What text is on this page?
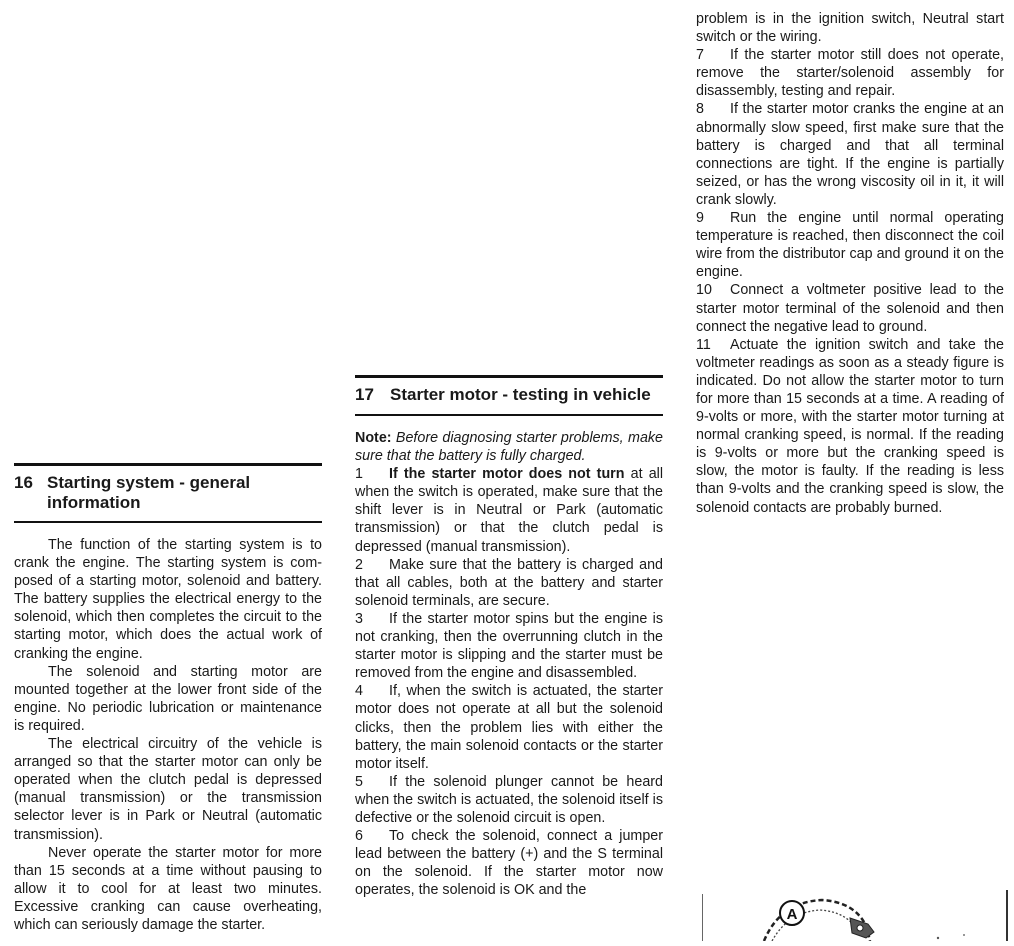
16 Starting system - general
information

The function of the starting system is to crank the engine. The starting system is composed of a starting motor, solenoid and battery. The battery supplies the electrical energy to the solenoid, which then completes the circuit to the starting motor, which does the actual work of cranking the engine.

The solenoid and starting motor are mounted together at the lower front side of the engine. No periodic lubrication or maintenance is required.

The electrical circuitry of the vehicle is arranged so that the starter motor can only be operated when the clutch pedal is depressed (manual transmission) or the transmission selector lever is in Park or Neutral (automatic transmission).

Never operate the starter motor for more than 15 seconds at a time without pausing to allow it to cool for at least two minutes. Excessive cranking can cause overheating, which can seriously damage the starter.

17 Starter motor - testing in vehicle

Note: Before diagnosing starter problems, make sure that the battery is fully charged.

1 If the starter motor does not turn at all when the switch is operated, make sure that the shift lever is in Neutral or Park (automatic transmission) or that the clutch pedal is depressed (manual transmission).

2 Make sure that the battery is charged and that all cables, both at the battery and starter solenoid terminals, are secure.

3 If the starter motor spins but the engine is not cranking, then the overrunning clutch in the starter motor is slipping and the starter must be removed from the engine and disassembled.

4 If, when the switch is actuated, the starter motor does not operate at all but the solenoid clicks, then the problem lies with either the battery, the main solenoid contacts or the starter motor itself.

5 If the solenoid plunger cannot be heard when the switch is actuated, the solenoid itself is defective or the solenoid circuit is open.

6 To check the solenoid, connect a jumper lead between the battery (+) and the S terminal on the solenoid. If the starter motor now operates, the solenoid is OK and the

problem is in the ignition switch, Neutral start switch or the wiring.

7 If the starter motor still does not operate, remove the starter/solenoid assembly for disassembly, testing and repair.

8 If the starter motor cranks the engine at an abnormally slow speed, first make sure that the battery is charged and that all terminal connections are tight. If the engine is partially seized, or has the wrong viscosity oil in it, it will crank slowly.

9 Run the engine until normal operating temperature is reached, then disconnect the coil wire from the distributor cap and ground it on the engine.

10 Connect a voltmeter positive lead to the starter motor terminal of the solenoid and then connect the negative lead to ground.

11 Actuate the ignition switch and take the voltmeter readings as soon as a steady figure is indicated. Do not allow the starter motor to turn for more than 15 seconds at a time. A reading of 9-volts or more, with the starter motor turning at normal cranking speed, is normal. If the reading is 9-volts or more but the cranking speed is slow, the motor is faulty. If the reading is less than 9-volts and the cranking speed is slow, the solenoid contacts are probably burned.

A
